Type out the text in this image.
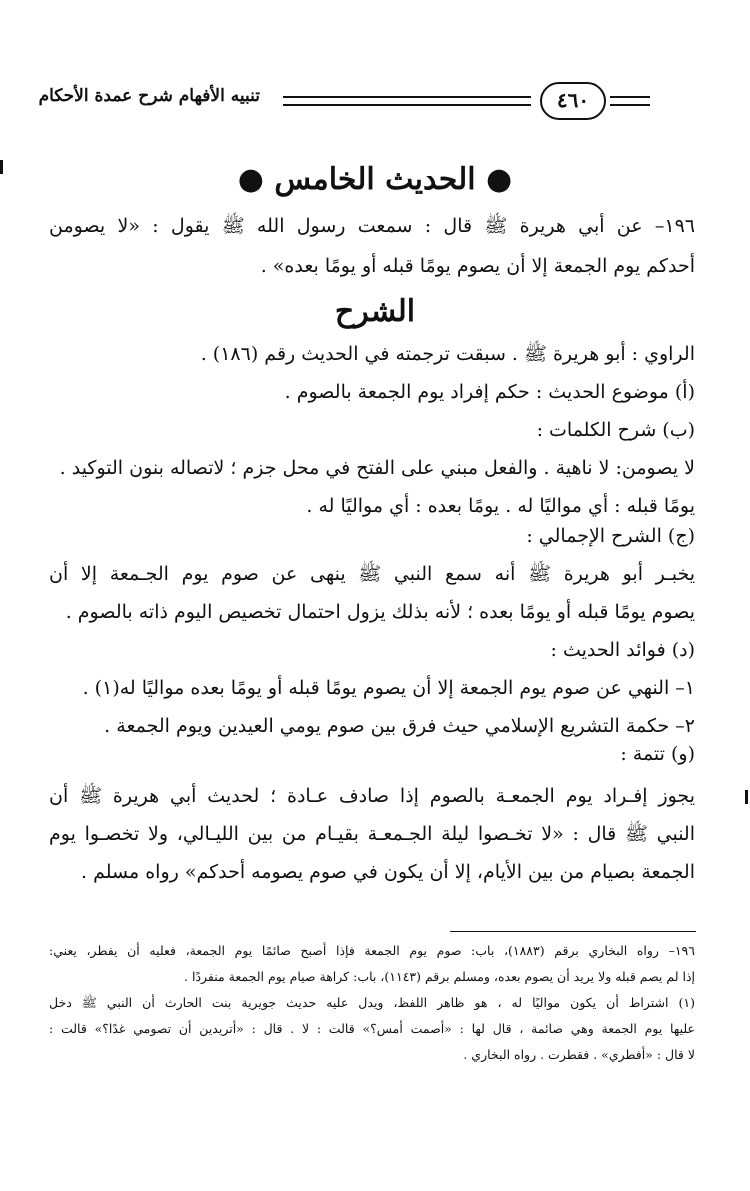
تنبيه الأفهام شرح عمدة الأحكام	٤٦٠
● الحديث الخامس ●
١٩٦– عن أبي هريرة ﷺ قال : سمعت رسول الله ﷺ يقول : «لا يصومن
أحدكم يوم الجمعة إلا أن يصوم يومًا قبله أو يومًا بعده» .
الشرح
الراوي : أبو هريرة ﷺ . سبقت ترجمته في الحديث رقم (١٨٦) .
(أ) موضوع الحديث : حكم إفراد يوم الجمعة بالصوم .
(ب) شرح الكلمات :
لا يصومن: لا ناهية . والفعل مبني على الفتح في محل جزم ؛ لاتصاله بنون التوكيد .
يومًا قبله : أي مواليًا له . يومًا بعده : أي مواليًا له .
(ج) الشرح الإجمالي :
يخبـر أبو هريرة ﷺ أنه سمع النبي ﷺ ينهى عن صوم يوم الجـمعة إلا أن
يصوم يومًا قبله أو يومًا بعده ؛ لأنه بذلك يزول احتمال تخصيص اليوم ذاته بالصوم .
(د) فوائد الحديث :
١– النهي عن صوم يوم الجمعة إلا أن يصوم يومًا قبله أو يومًا بعده مواليًا له(١) .
٢– حكمة التشريع الإسلامي حيث فرق بين صوم يومي العيدين ويوم الجمعة .
(و) تتمة :
يجوز إفـراد يوم الجمعـة بالصوم إذا صادف عـادة ؛ لحديث أبي هريرة ﷺ أن
النبي ﷺ قال : «لا تخـصوا ليلة الجـمعـة بقيـام من بين الليـالي، ولا تخصـوا يوم
الجمعة بصيام من بين الأيام، إلا أن يكون في صوم يصومه أحدكم» رواه مسلم .
١٩٦– رواه البخاري برقم (١٨٨٣)، باب: صوم يوم الجمعة فإذا أصبح صائمًا يوم الجمعة، فعليه أن يفطر، يعني:
إذا لم يصم قبله ولا يريد أن يصوم بعده، ومسلم برقم (١١٤٣)، باب: كراهة صيام يوم الجمعة منفردًا .
(١) اشتراط أن يكون مواليًا له ، هو ظاهر اللفظ، ويدل عليه حديث جويرية بنت الحارث أن النبي ﷺ دخل
عليها يوم الجمعة وهي صائمة ، قال لها : «أصمت أمس؟» قالت : لا . قال : «أتريدين أن تصومي غدًا؟» قالت :
لا قال : «أفطري» . فقطرت . رواه البخاري .
